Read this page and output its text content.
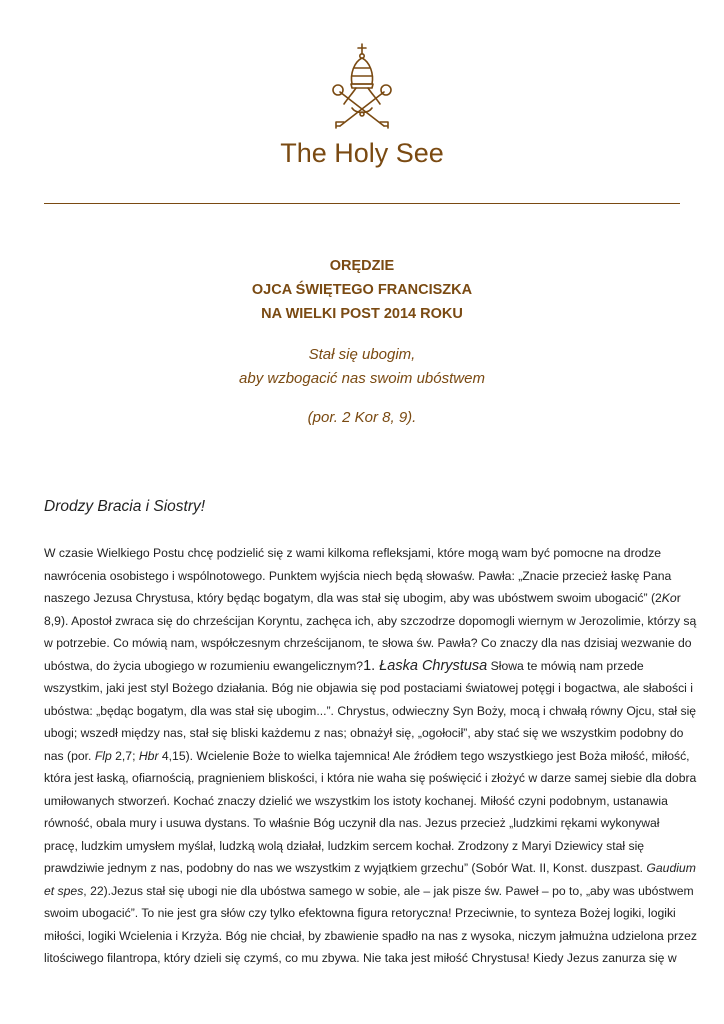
The Holy See
ORĘDZIE
OJCA ŚWIĘTEGO FRANCISZKA
NA WIELKI POST 2014 ROKU
Stał się ubogim,
aby wzbogacić nas swoim ubóstwem
(por. 2 Kor 8, 9).
Drodzy Bracia i Siostry!
W czasie Wielkiego Postu chcę podzielić się z wami kilkoma refleksjami, które mogą wam być pomocne na drodze
nawrócenia osobistego i wspólnotowego. Punktem wyjścia niech będą słowaśw. Pawła: „Znacie przecież łaskę Pana
naszego Jezusa Chrystusa, który będąc bogatym, dla was stał się ubogim, aby was ubóstwem swoim ubogacić” (2Kor
8,9). Apostoł zwraca się do chrześcijan Koryntu, zachęca ich, aby szczodrze dopomogli wiernym w Jerozolimie, którzy są
w potrzebie. Co mówią nam, współczesnym chrześcijanom, te słowa św. Pawła? Co znaczy dla nas dzisiaj wezwanie do
ubóstwa, do życia ubogiego w rozumieniu ewangelicznym?1. Łaska Chrystusa Słowa te mówią nam przede
wszystkim, jaki jest styl Bożego działania. Bóg nie objawia się pod postaciami światowej potęgi i bogactwa, ale słabości i
ubóstwa: „będąc bogatym, dla was stał się ubogim...”. Chrystus, odwieczny Syn Boży, mocą i chwałą równy Ojcu, stał się
ubogi; wszedł między nas, stał się bliski każdemu z nas; obnażył się, „ogołocił”, aby stać się we wszystkim podobny do
nas (por. Flp 2,7; Hbr 4,15). Wcielenie Boże to wielka tajemnica! Ale źródłem tego wszystkiego jest Boża miłość, miłość,
która jest łaską, ofiarnością, pragnieniem bliskości, i która nie waha się poświęcić i złożyć w darze samej siebie dla dobra
umiłowanych stworzeń. Kochać znaczy dzielić we wszystkim los istoty kochanej. Miłość czyni podobnym, ustanawia
równość, obala mury i usuwa dystans. To właśnie Bóg uczynił dla nas. Jezus przecież „ludzkimi rękami wykonywał
pracę, ludzkim umysłem myślał, ludzką wolą działał, ludzkim sercem kochał. Zrodzony z Maryi Dziewicy stał się
prawdziwie jednym z nas, podobny do nas we wszystkim z wyjątkiem grzechu” (Sobór Wat. II, Konst. duszpast. Gaudium
et spes, 22).Jezus stał się ubogi nie dla ubóstwa samego w sobie, ale – jak pisze św. Paweł – po to, „aby was ubóstwem
swoim ubogacić”. To nie jest gra słów czy tylko efektowna figura retoryczna! Przeciwnie, to synteza Bożej logiki, logiki
miłości, logiki Wcielenia i Krzyża. Bóg nie chciał, by zbawienie spadło na nas z wysoka, niczym jałmużna udzielona przez
litościwego filantropa, który dzieli się czymś, co mu zbywa. Nie taka jest miłość Chrystusa! Kiedy Jezus zanurza się w
